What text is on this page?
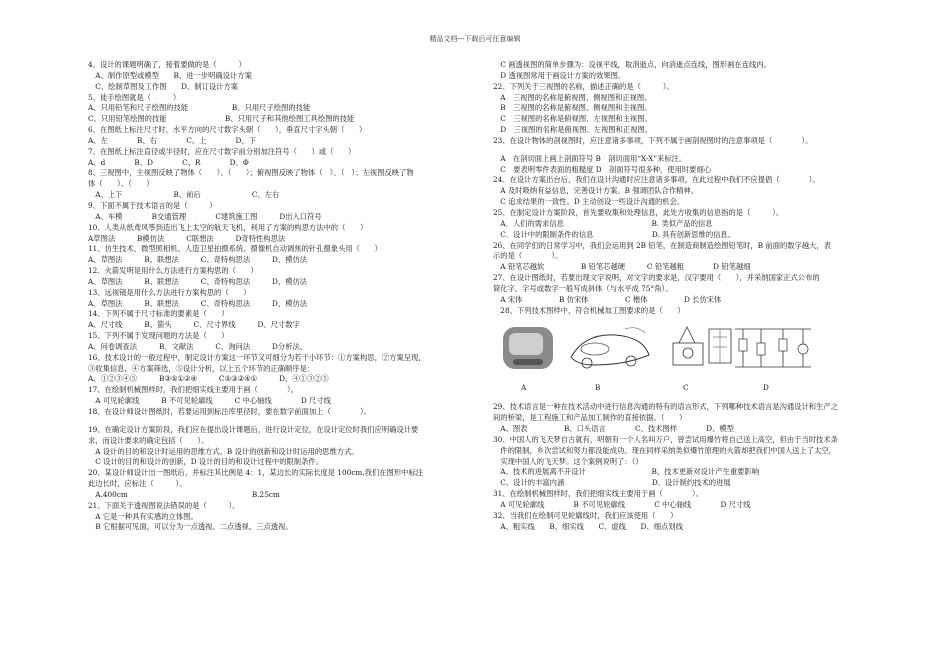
精品文档---下载后可任意编辑
4、设计的课题明确了，接着要做的是（　　　）
　A、制作原型或模型　　B、进一步明确设计方案
　C、绘制草图及工作图　　D、制订设计方案
5、徒手绘图就是（　　　）
A、只用铅笔和尺子绘图的技能　　　　　　B、只用尺子绘图的技能
C、只用铅笔绘图的技能　　　　　　　　B、只用尺子和其他绘图工具绘图的技能
6、在图纸上标注尺寸时，水平方向的尺寸数字头朝（　　），垂直尺寸字头朝（　　）
A、左　　　　B、右　　　　C、上　　　　D、下
7、在图纸上标注直径或半径时，应在尺寸数字前分别加注符号（　　）或（　　）
A、d　　　　B、D　　　　C、R　　　　D、Φ
8、三视图中，主视图反映了物体（　　）、（　　）；俯视图反映了物体（　）、（　）；左视图反映了物
体（　　）、（　　）
　A、上下　　　　　　　B、前后　　　　　　　C、左右
9、下面不属于技术语言的是（　　　）
　A、车模　　　　B交通管理　　　　C建筑施工图　　　D出入口符号
10、人类从纸鸢风筝到造出飞上太空的航天飞机，利用了方案的构思方法中的（　　）
A草图法　　　B模仿法　　　C联想法　　　D奇特性构思法
11、仿生技术、微型照相机、人造卫星拍摄系统、摄像机自动调焦的针孔摄象头用（　　）
A、草图法　　　B、联想法　　　C、奇特构思法　　　D、模仿法
12、火箭发明是用什么方法进行方案构思的（　　）
A、草图法　　　B、联想法　　　C、奇特构思法　　　D、模仿法
13、远视镜是用什么方法进行方案构思的（　　）
A、草图法　　　B、联想法　　　C、奇特构思法　　　D、模仿法
14、下列不属于尺寸标准的要素是（　　）
A、尺寸线　　　B、箭头　　　C、尺寸界线　　　D、尺寸数字
15、下列不属于发现问题的方法是（　　）
A、问卷调查法　　　B、文献法　　　C、询问法　　　D分析法、
16、技术设计的一般过程中，制定设计方案这一环节又可细分为若干小环节：①方案构思，②方案呈现，
③收集信息，④方案筛选，⑤设计分析，以上五个环节的正确顺序是：
A、①②③④⑤　　　B③⑤①②④　　　C⑤③②④①　　　D、④①③②⑤
17、在绘制机械图样时，我们把细实线主要用于画（　　　　）。
　A 可见轮廓线　　　B 不可见轮廓线　　　C 中心轴线　　　　D 尺寸线
18、在设计师设计图纸时，若要运用到标注库里径时，要在数字前面加上（　　　　）。
19、在确定设计方案阶段，我们应在提出设计课题后，进行设计定位，在设计定位时我们应明确设计要
求，而设计要求的确定包括（　　）。
　A 设计的目的和设计时运用的思维方式。B 设计的创新和设计时运用的思维方式。
　C 设计的目的和设计的创新，D 设计的目的和设计过程中的限制条件。
20、某设计师设计出一图纸后，并标注其比例是 4：1，某边长的实际长度是 100cm,我们在图形中标注
此边长时，应标注（　　　）。
　A.400cm　　　　　　　　　　　　　　　　　B.25cm
21、下面关于透视图说法错误的是（　　　）。
　A 它是一种具有实感的立体图。
　B 它根据可见面，可以分为一点透视、二点透视、三点透视。
　C 画透视图的简单步骤为：设视平线，取消逝点，向消逝点连线，图形画在连线内。
　D 透视图常用于画设计方案的效果图。
22、下列关于三视图的名称，描述正确的是（　　　）。
　A　三视图的名称是俯视图、侧视图和正视图。
　B　三视图的名称是俯视图、侧视图和主视图。
　C　三视图的名称是俯视图、左视图和主视图。
　D　三视图的名称是俯视图、左视图和正视图。
23、在设计物体的剖视图时，应注意诸多事项，下列不属于画剖视图时的注意事项是（　　　　）。
　A　在剖切面上画上剖面符号 B　剖切面用“X-X”来标注。
　C　要表明零件表面的粗糙度 D　剖面符号很多种，使用时要细心
24、在设计方案出台后，我们在设计沟通时应注意诸多事项，在此过程中我们不应提倡（　　　　）。
　A 及时吸纳有益信息，完善设计方案。B 强调团队合作精神。
　C 追求结果的一致性。D 主动创设一些设计沟通的机会。
25、在制定设计方案阶段，首先要收集和处理信息，此处方收集的信息指的是（　　　）。
　A．人们的需求信息　　　　　　　　　　　　B. 类似产品的信息
　C．设计中的限制条件的信息　　　　　　　　D. 具有创新思维的信息。
26、在同学们的日常学习中，我们会运用到 2B 铅笔，在制造商制造绘图铅笔时，B 前面的数字越大，表
示的是（　　　　）。
　A 铅笔芯越软　　　　　B 铅笔芯越硬　　　C 铅笔越粗　　　　D 铅笔越细
27、在设计图纸时，若要出现文字说明，对文字的要求是，汉字要用（　　），并采纳国家正式公布的
简化字，字号或数字一般写成斜体（与水平成 75°角）。
　A 宋体　　　　　B 仿宋体　　　　　C 楷体　　　　　D 长仿宋体
　28、下列技术图样中，符合机械加工图要求的是（　　）
A	B	C	D
29、技术语言是一种在技术活动中进行信息沟通的特有的语言形式，下列哪种技术语言是沟通设计和生产之
间的桥梁，是工程施工和产品加工制作的直接依据。（　　）
　A、图表　　　　　B、口头语言　　　　C、技术图样　　　　D、模型
30、中国人的飞天梦自古就有，明朝有一个人名叫万户，曾尝试用爆竹将自己送上高空，但由于当时技术条
　件的限制，乡次尝试和努力都没能成功。现在同样采纳类似爆竹原理的火箭却把我们中国人送上了太空，
　实现中国人的飞天梦。这个案例说明了：（）
　A、技术的进展离不开设计　　　　　　　　　B、技术更新对设计产生重要影响
　C、设计的丰富内涵　　　　　　　　　　　　D、设计制约技术的进展
31、在绘制机械图样时，我们把细实线主要用于画（　　　　）。
　A 可见轮廓线　　　　B 不可见轮廓线　　　　C 中心轴线　　　　D 尺寸线
32、当我们在绘制可见轮廓线时，我们应该使用（　　）
　A、粗实线　　B、细实线　　C、虚线　　D、细点划线
